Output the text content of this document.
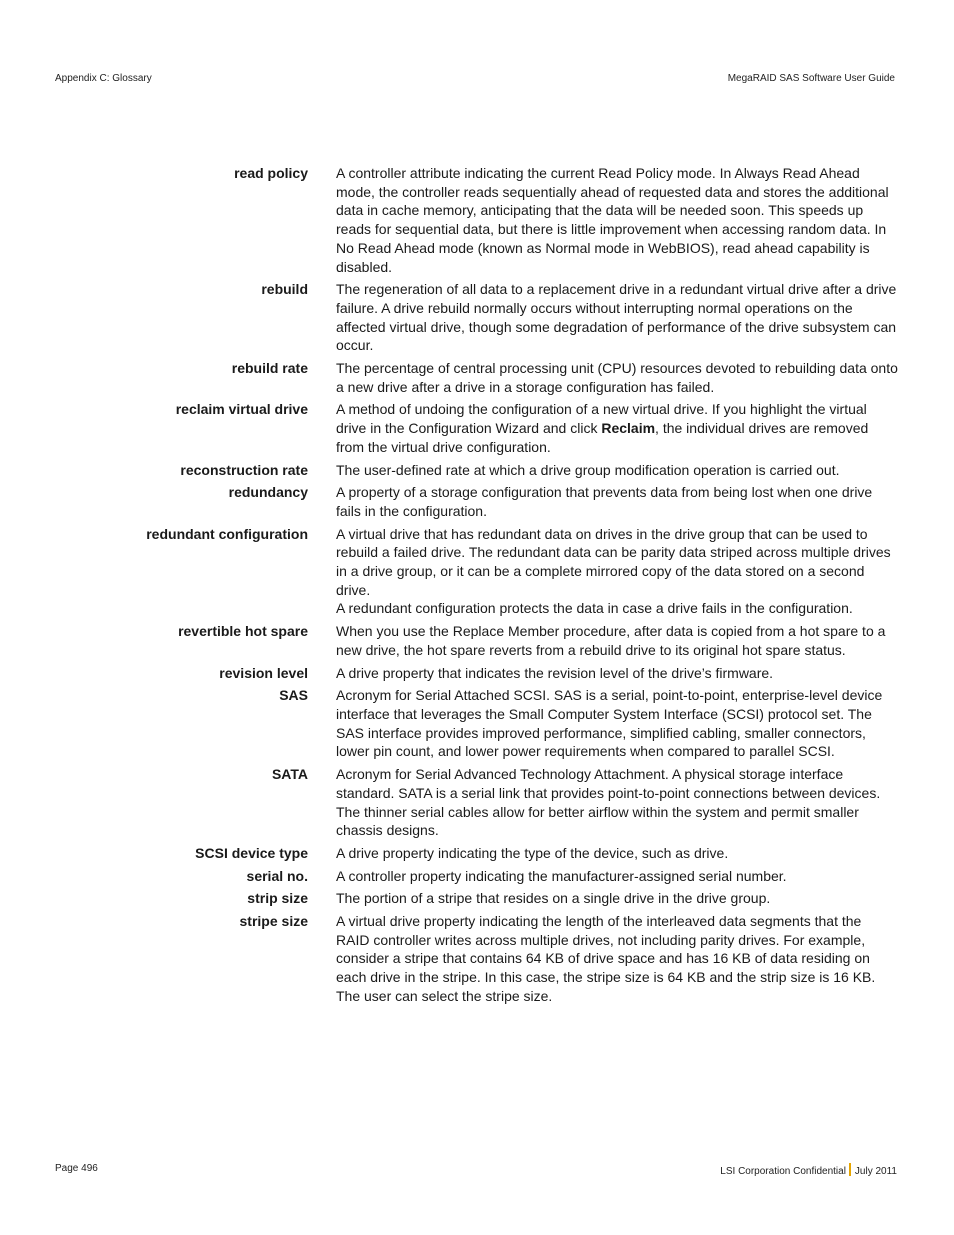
Appendix C: Glossary	MegaRAID SAS Software User Guide
read policy A controller attribute indicating the current Read Policy mode. In Always Read Ahead mode, the controller reads sequentially ahead of requested data and stores the additional data in cache memory, anticipating that the data will be needed soon. This speeds up reads for sequential data, but there is little improvement when accessing random data. In No Read Ahead mode (known as Normal mode in WebBIOS), read ahead capability is disabled.
rebuild The regeneration of all data to a replacement drive in a redundant virtual drive after a drive failure. A drive rebuild normally occurs without interrupting normal operations on the affected virtual drive, though some degradation of performance of the drive subsystem can occur.
rebuild rate The percentage of central processing unit (CPU) resources devoted to rebuilding data onto a new drive after a drive in a storage configuration has failed.
reclaim virtual drive A method of undoing the configuration of a new virtual drive. If you highlight the virtual drive in the Configuration Wizard and click Reclaim, the individual drives are removed from the virtual drive configuration.
reconstruction rate The user-defined rate at which a drive group modification operation is carried out.
redundancy A property of a storage configuration that prevents data from being lost when one drive fails in the configuration.
redundant configuration A virtual drive that has redundant data on drives in the drive group that can be used to rebuild a failed drive. The redundant data can be parity data striped across multiple drives in a drive group, or it can be a complete mirrored copy of the data stored on a second drive.

A redundant configuration protects the data in case a drive fails in the configuration.

revertible hot spare When you use the Replace Member procedure, after data is copied from a hot spare to a new drive, the hot spare reverts from a rebuild drive to its original hot spare status.
revision level A drive property that indicates the revision level of the drive’s firmware.
SAS Acronym for Serial Attached SCSI. SAS is a serial, point-to-point, enterprise-level device interface that leverages the Small Computer System Interface (SCSI) protocol set. The SAS interface provides improved performance, simplified cabling, smaller connectors, lower pin count, and lower power requirements when compared to parallel SCSI.
SATA Acronym for Serial Advanced Technology Attachment. A physical storage interface standard. SATA is a serial link that provides point-to-point connections between devices. The thinner serial cables allow for better airflow within the system and permit smaller chassis designs.
SCSI device type A drive property indicating the type of the device, such as drive.
serial no. A controller property indicating the manufacturer-assigned serial number.
strip size The portion of a stripe that resides on a single drive in the drive group.
stripe size A virtual drive property indicating the length of the interleaved data segments that the RAID controller writes across multiple drives, not including parity drives. For example, consider a stripe that contains 64 KB of drive space and has 16 KB of data residing on each drive in the stripe. In this case, the stripe size is 64 KB and the strip size is 16 KB. The user can select the stripe size.
Page 496	LSI Corporation Confidential July 2011
